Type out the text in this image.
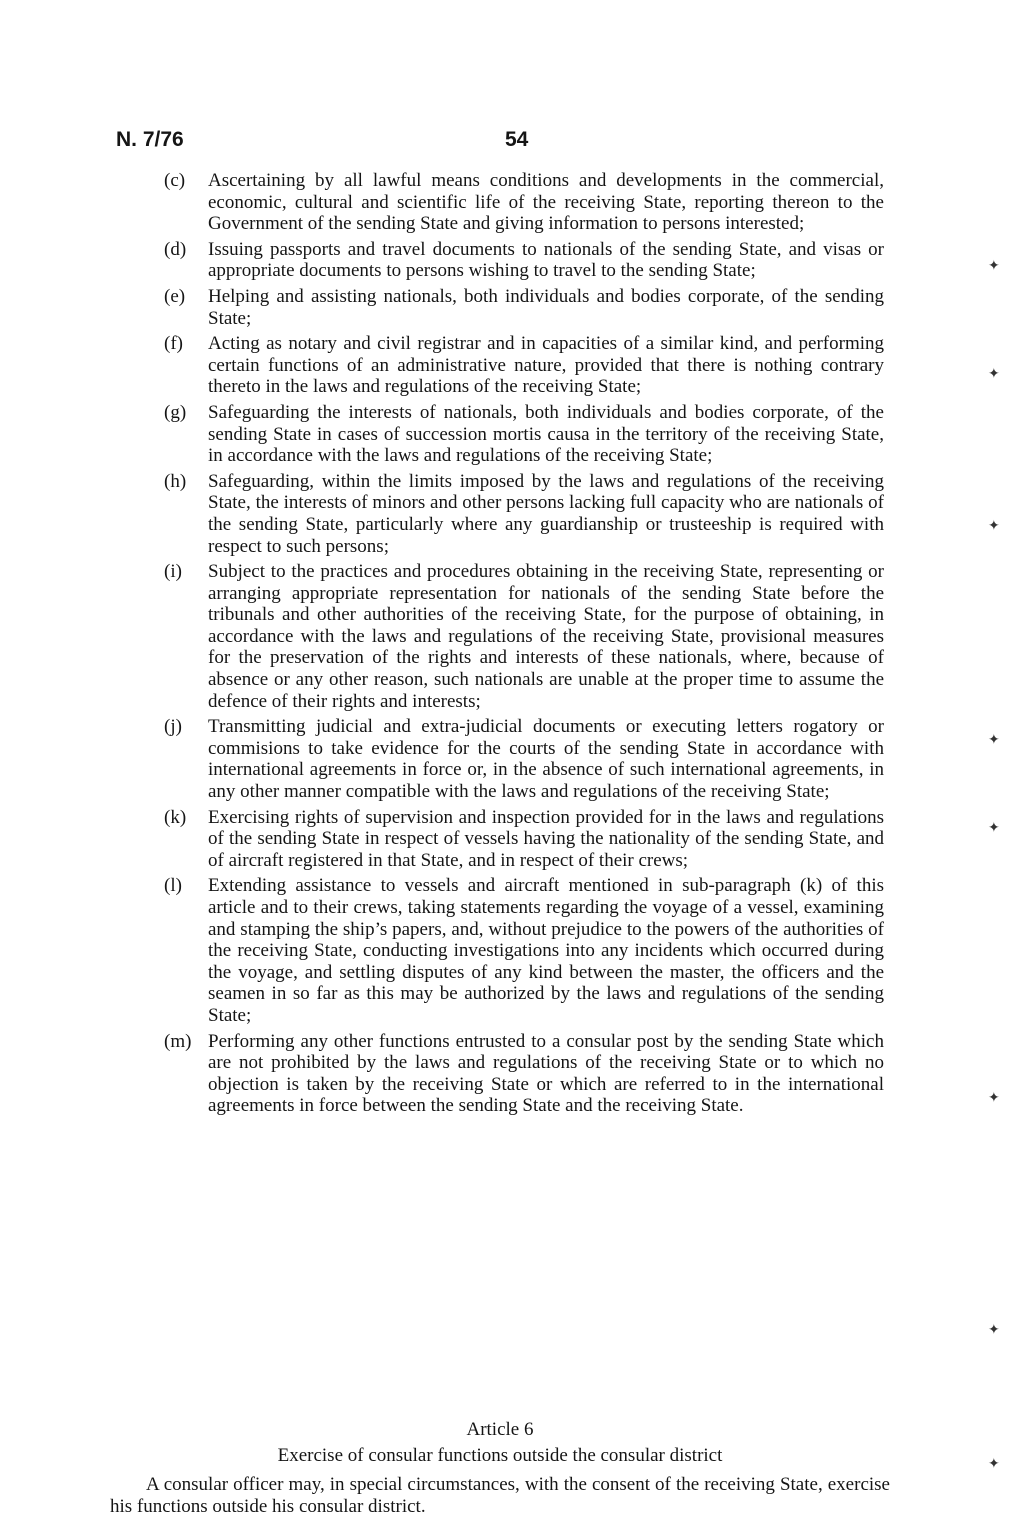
N. 7/76	54
(c)	Ascertaining by all lawful means conditions and developments in the commercial, economic, cultural and scientific life of the receiving State, reporting thereon to the Government of the sending State and giving information to persons interested;
(d)	Issuing passports and travel documents to nationals of the sending State, and visas or appropriate documents to persons wishing to travel to the sending State;
(e)	Helping and assisting nationals, both individuals and bodies corporate, of the sending State;
(f)	Acting as notary and civil registrar and in capacities of a similar kind, and performing certain functions of an administrative nature, provided that there is nothing contrary thereto in the laws and regulations of the receiving State;
(g)	Safeguarding the interests of nationals, both individuals and bodies corporate, of the sending State in cases of succession mortis causa in the territory of the receiving State, in accordance with the laws and regulations of the receiving State;
(h)	Safeguarding, within the limits imposed by the laws and regulations of the receiving State, the interests of minors and other persons lacking full capacity who are nationals of the sending State, particularly where any guardianship or trusteeship is required with respect to such persons;
(i)	Subject to the practices and procedures obtaining in the receiving State, representing or arranging appropriate representation for nationals of the sending State before the tribunals and other authorities of the receiving State, for the purpose of obtaining, in accordance with the laws and regulations of the receiving State, provisional measures for the preservation of the rights and interests of these nationals, where, because of absence or any other reason, such nationals are unable at the proper time to assume the defence of their rights and interests;
(j)	Transmitting judicial and extra-judicial documents or executing letters rogatory or commisions to take evidence for the courts of the sending State in accordance with international agreements in force or, in the absence of such international agreements, in any other manner compatible with the laws and regulations of the receiving State;
(k)	Exercising rights of supervision and inspection provided for in the laws and regulations of the sending State in respect of vessels having the nationality of the sending State, and of aircraft registered in that State, and in respect of their crews;
(l)	Extending assistance to vessels and aircraft mentioned in sub-paragraph (k) of this article and to their crews, taking statements regarding the voyage of a vessel, examining and stamping the ship’s papers, and, without prejudice to the powers of the authorities of the receiving State, conducting investigations into any incidents which occurred during the voyage, and settling disputes of any kind between the master, the officers and the seamen in so far as this may be authorized by the laws and regulations of the sending State;
(m) Performing any other functions entrusted to a consular post by the sending State which are not prohibited by the laws and regulations of the receiving State or to which no objection is taken by the receiving State or which are referred to in the international agreements in force between the sending State and the receiving State.

Article 6

Exercise of consular functions outside the consular district

A consular officer may, in special circumstances, with the consent of the receiving State, exercise his functions outside his consular district.

✦
✦
✦
✦
✦
✦
✦
✦
